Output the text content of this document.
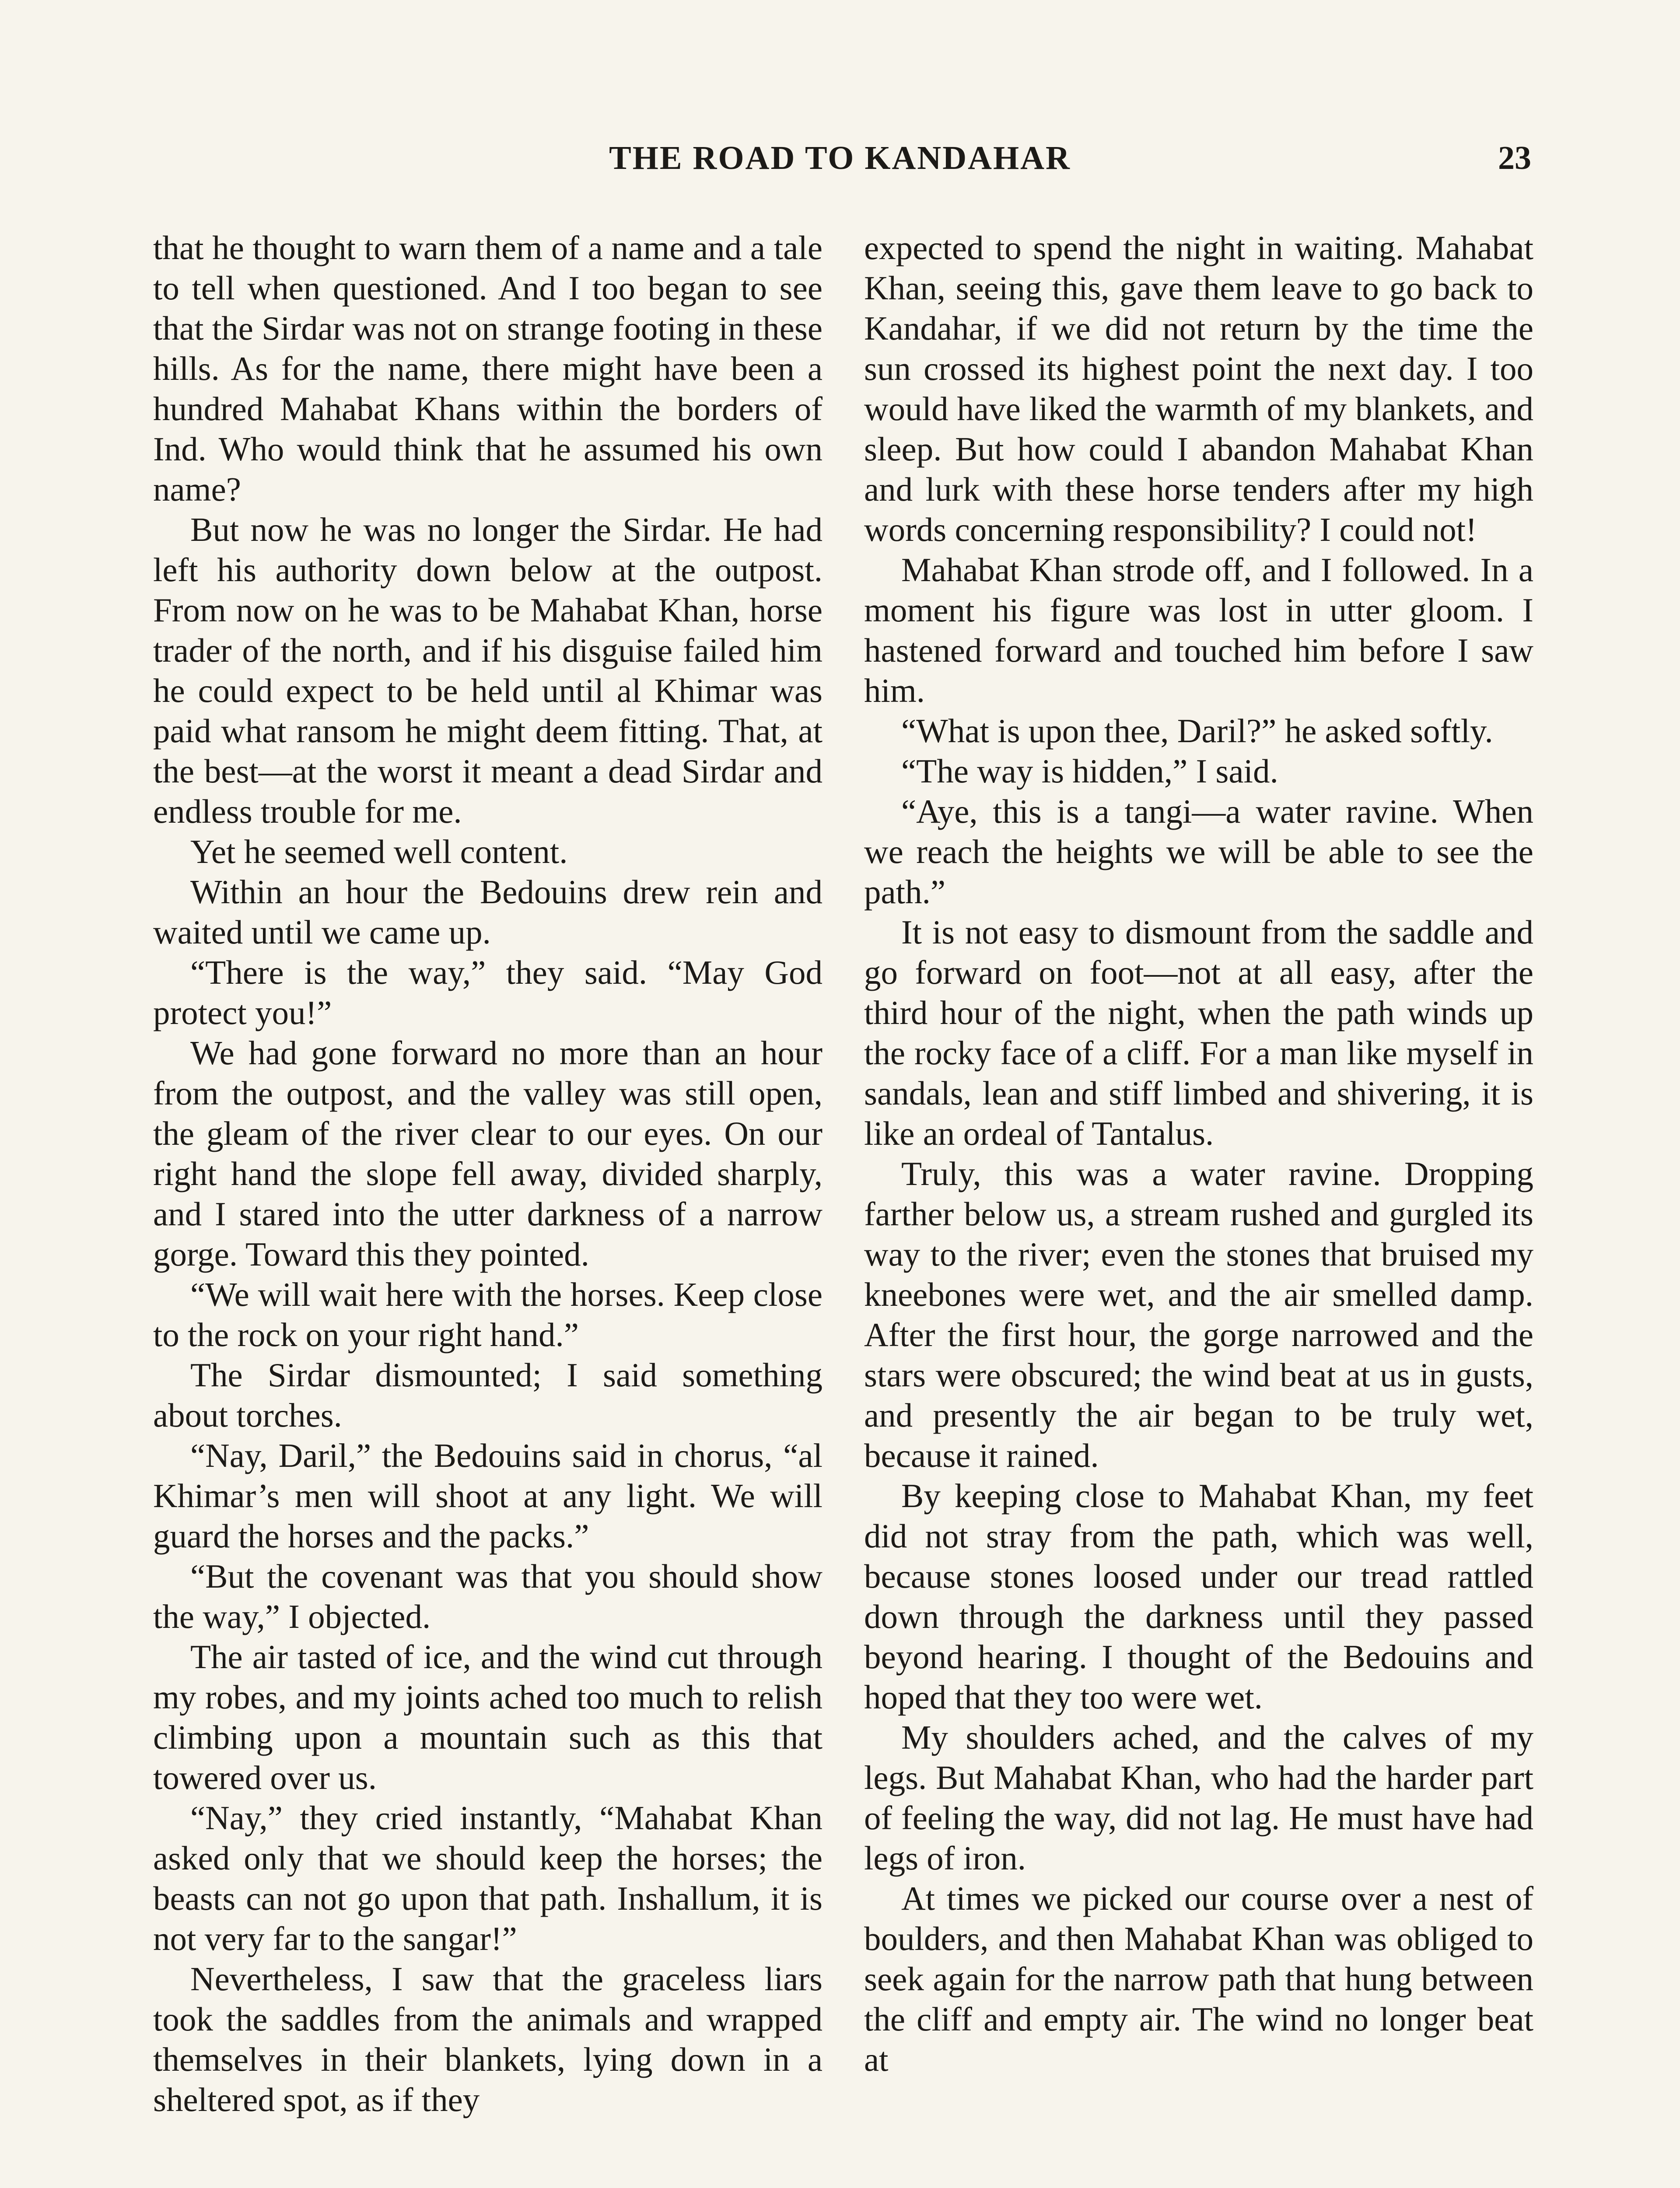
THE ROAD TO KANDAHAR	23

that he thought to warn them of a name and a tale to tell when questioned. And I too began to see that the Sirdar was not on strange footing in these hills. As for the name, there might have been a hundred Mahabat Khans within the borders of Ind. Who would think that he assumed his own name?

But now he was no longer the Sirdar. He had left his authority down below at the outpost. From now on he was to be Mahabat Khan, horse trader of the north, and if his disguise failed him he could expect to be held until al Khimar was paid what ransom he might deem fitting. That, at the best—at the worst it meant a dead Sirdar and endless trouble for me.

Yet he seemed well content.

Within an hour the Bedouins drew rein and waited until we came up.

“There is the way,” they said. “May God protect you!”

We had gone forward no more than an hour from the outpost, and the valley was still open, the gleam of the river clear to our eyes. On our right hand the slope fell away, divided sharply, and I stared into the utter darkness of a narrow gorge. Toward this they pointed.

“We will wait here with the horses. Keep close to the rock on your right hand.”

The Sirdar dismounted; I said something about torches.

“Nay, Daril,” the Bedouins said in chorus, “al Khimar’s men will shoot at any light. We will guard the horses and the packs.”

“But the covenant was that you should show the way,” I objected.

The air tasted of ice, and the wind cut through my robes, and my joints ached too much to relish climbing upon a mountain such as this that towered over us.

“Nay,” they cried instantly, “Mahabat Khan asked only that we should keep the horses; the beasts can not go upon that path. Inshallum, it is not very far to the sangar!”

Nevertheless, I saw that the graceless liars took the saddles from the animals and wrapped themselves in their blankets, lying down in a sheltered spot, as if they

expected to spend the night in waiting. Mahabat Khan, seeing this, gave them leave to go back to Kandahar, if we did not return by the time the sun crossed its highest point the next day. I too would have liked the warmth of my blankets, and sleep. But how could I abandon Mahabat Khan and lurk with these horse tenders after my high words concerning responsibility? I could not!

Mahabat Khan strode off, and I followed. In a moment his figure was lost in utter gloom. I hastened forward and touched him before I saw him.

“What is upon thee, Daril?” he asked softly.

“The way is hidden,” I said.

“Aye, this is a tangi—a water ravine. When we reach the heights we will be able to see the path.”

It is not easy to dismount from the saddle and go forward on foot—not at all easy, after the third hour of the night, when the path winds up the rocky face of a cliff. For a man like myself in sandals, lean and stiff limbed and shivering, it is like an ordeal of Tantalus.

Truly, this was a water ravine. Dropping farther below us, a stream rushed and gurgled its way to the river; even the stones that bruised my kneebones were wet, and the air smelled damp. After the first hour, the gorge narrowed and the stars were obscured; the wind beat at us in gusts, and presently the air began to be truly wet, because it rained.

By keeping close to Mahabat Khan, my feet did not stray from the path, which was well, because stones loosed under our tread rattled down through the darkness until they passed beyond hearing. I thought of the Bedouins and hoped that they too were wet.

My shoulders ached, and the calves of my legs. But Mahabat Khan, who had the harder part of feeling the way, did not lag. He must have had legs of iron.

At times we picked our course over a nest of boulders, and then Mahabat Khan was obliged to seek again for the narrow path that hung between the cliff and empty air. The wind no longer beat at
